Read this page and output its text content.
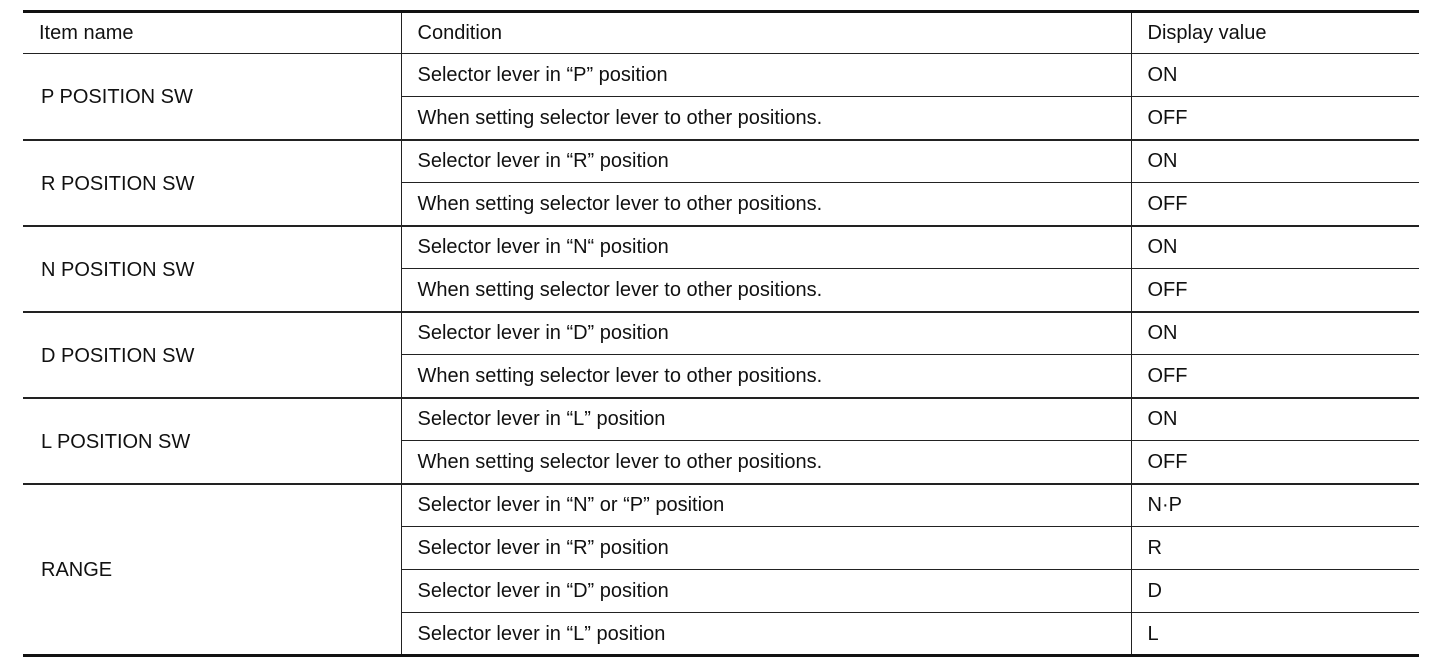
Item name	Condition	Display value
P POSITION SW	Selector lever in “P” position	ON
	When setting selector lever to other positions.	OFF
R POSITION SW	Selector lever in “R” position	ON
	When setting selector lever to other positions.	OFF
N POSITION SW	Selector lever in “N“ position	ON
	When setting selector lever to other positions.	OFF
D POSITION SW	Selector lever in “D” position	ON
	When setting selector lever to other positions.	OFF
L POSITION SW	Selector lever in “L” position	ON
	When setting selector lever to other positions.	OFF
RANGE	Selector lever in “N” or “P” position	N·P
	Selector lever in “R” position	R
	Selector lever in “D” position	D
	Selector lever in “L” position	L
